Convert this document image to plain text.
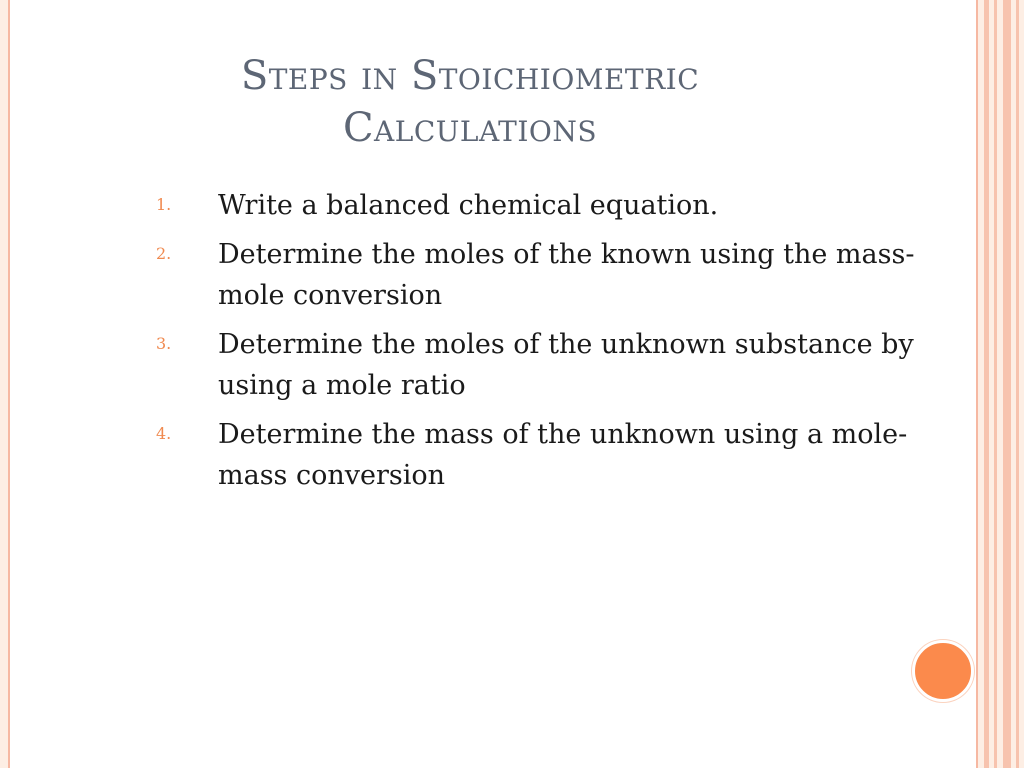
Steps in Stoichiometric
Calculations
1.	Write a balanced chemical equation.
2.	Determine the moles of the known using the mass-mole conversion
3.	Determine the moles of the unknown substance by using a mole ratio
4.	Determine the mass of the unknown using a mole-mass conversion
